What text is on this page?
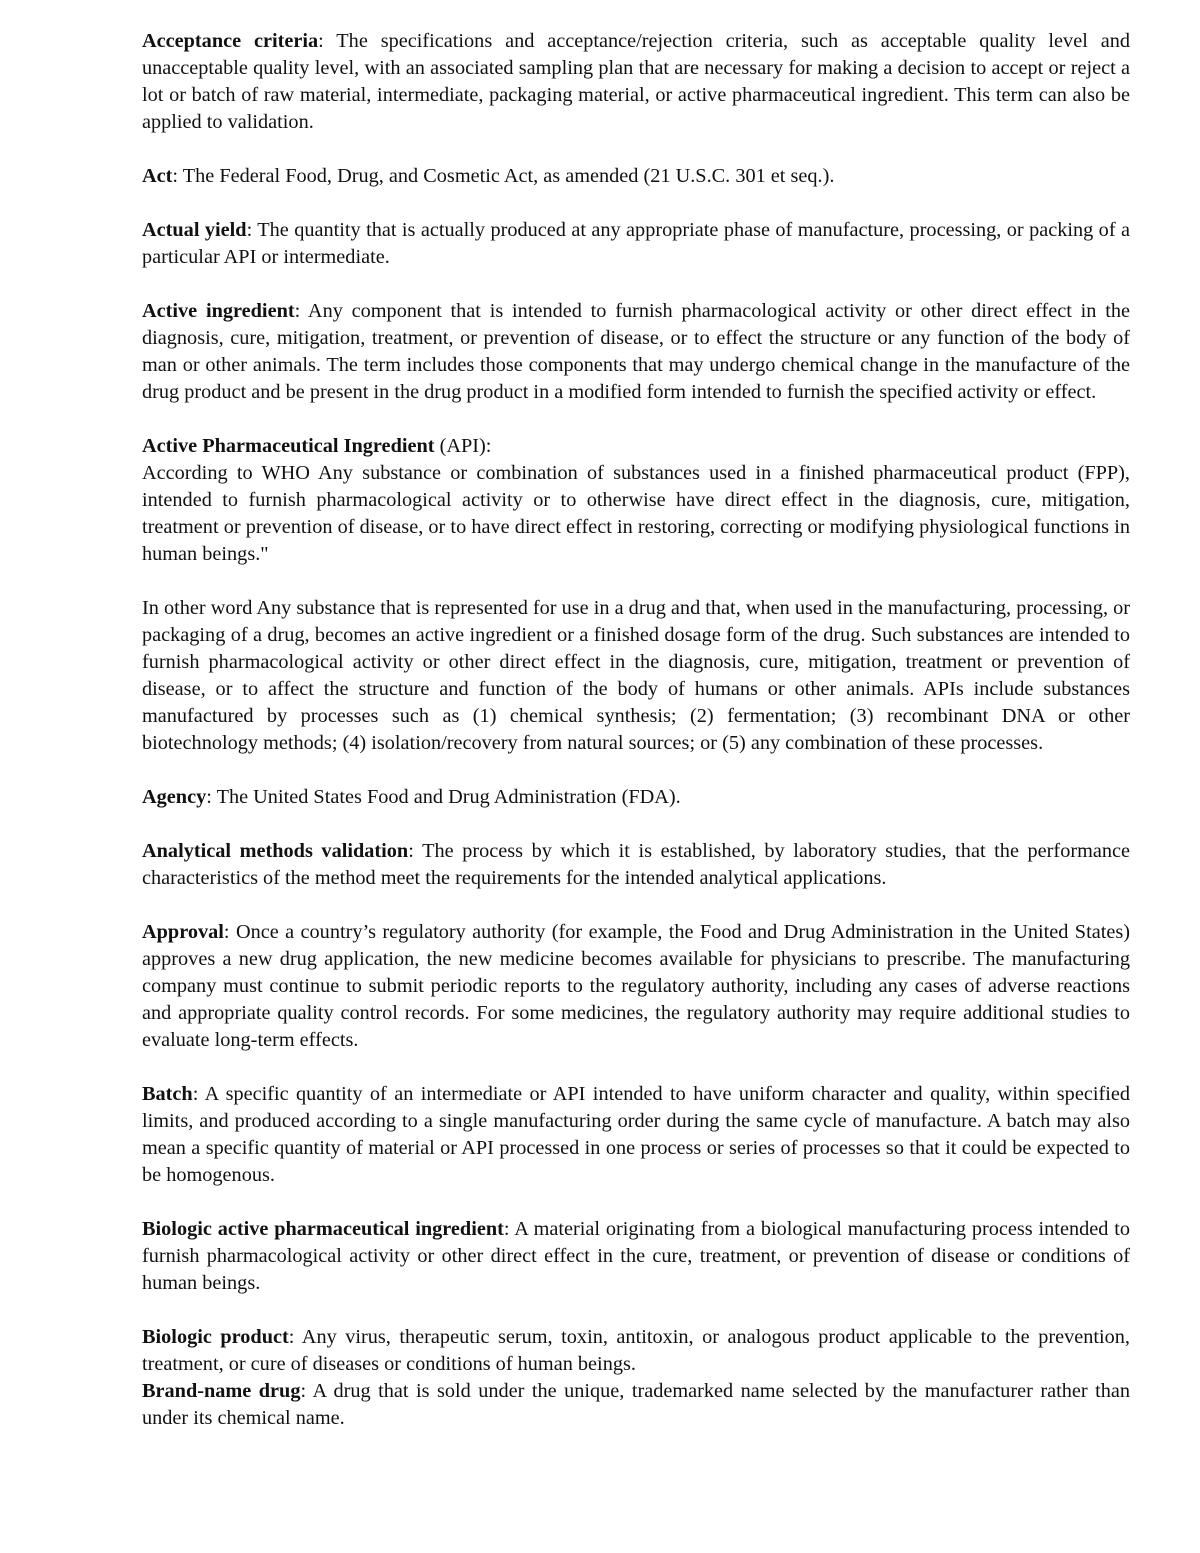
Acceptance criteria: The specifications and acceptance/rejection criteria, such as acceptable quality level and unacceptable quality level, with an associated sampling plan that are necessary for making a decision to accept or reject a lot or batch of raw material, intermediate, packaging material, or active pharmaceutical ingredient. This term can also be applied to validation.

Act: The Federal Food, Drug, and Cosmetic Act, as amended (21 U.S.C. 301 et seq.).

Actual yield: The quantity that is actually produced at any appropriate phase of manufacture, processing, or packing of a particular API or intermediate.

Active ingredient: Any component that is intended to furnish pharmacological activity or other direct effect in the diagnosis, cure, mitigation, treatment, or prevention of disease, or to effect the structure or any function of the body of man or other animals. The term includes those components that may undergo chemical change in the manufacture of the drug product and be present in the drug product in a modified form intended to furnish the specified activity or effect.

Active Pharmaceutical Ingredient (API):

According to WHO Any substance or combination of substances used in a finished pharmaceutical product (FPP), intended to furnish pharmacological activity or to otherwise have direct effect in the diagnosis, cure, mitigation, treatment or prevention of disease, or to have direct effect in restoring, correcting or modifying physiological functions in human beings."

In other word Any substance that is represented for use in a drug and that, when used in the manufacturing, processing, or packaging of a drug, becomes an active ingredient or a finished dosage form of the drug. Such substances are intended to furnish pharmacological activity or other direct effect in the diagnosis, cure, mitigation, treatment or prevention of disease, or to affect the structure and function of the body of humans or other animals. APIs include substances manufactured by processes such as (1) chemical synthesis; (2) fermentation; (3) recombinant DNA or other biotechnology methods; (4) isolation/recovery from natural sources; or (5) any combination of these processes.

Agency: The United States Food and Drug Administration (FDA).

Analytical methods validation: The process by which it is established, by laboratory studies, that the performance characteristics of the method meet the requirements for the intended analytical applications.

Approval: Once a country’s regulatory authority (for example, the Food and Drug Administration in the United States) approves a new drug application, the new medicine becomes available for physicians to prescribe. The manufacturing company must continue to submit periodic reports to the regulatory authority, including any cases of adverse reactions and appropriate quality control records. For some medicines, the regulatory authority may require additional studies to evaluate long-term effects.

Batch: A specific quantity of an intermediate or API intended to have uniform character and quality, within specified limits, and produced according to a single manufacturing order during the same cycle of manufacture. A batch may also mean a specific quantity of material or API processed in one process or series of processes so that it could be expected to be homogenous.

Biologic active pharmaceutical ingredient: A material originating from a biological manufacturing process intended to furnish pharmacological activity or other direct effect in the cure, treatment, or prevention of disease or conditions of human beings.

Biologic product: Any virus, therapeutic serum, toxin, antitoxin, or analogous product applicable to the prevention, treatment, or cure of diseases or conditions of human beings.

Brand-name drug: A drug that is sold under the unique, trademarked name selected by the manufacturer rather than under its chemical name.
